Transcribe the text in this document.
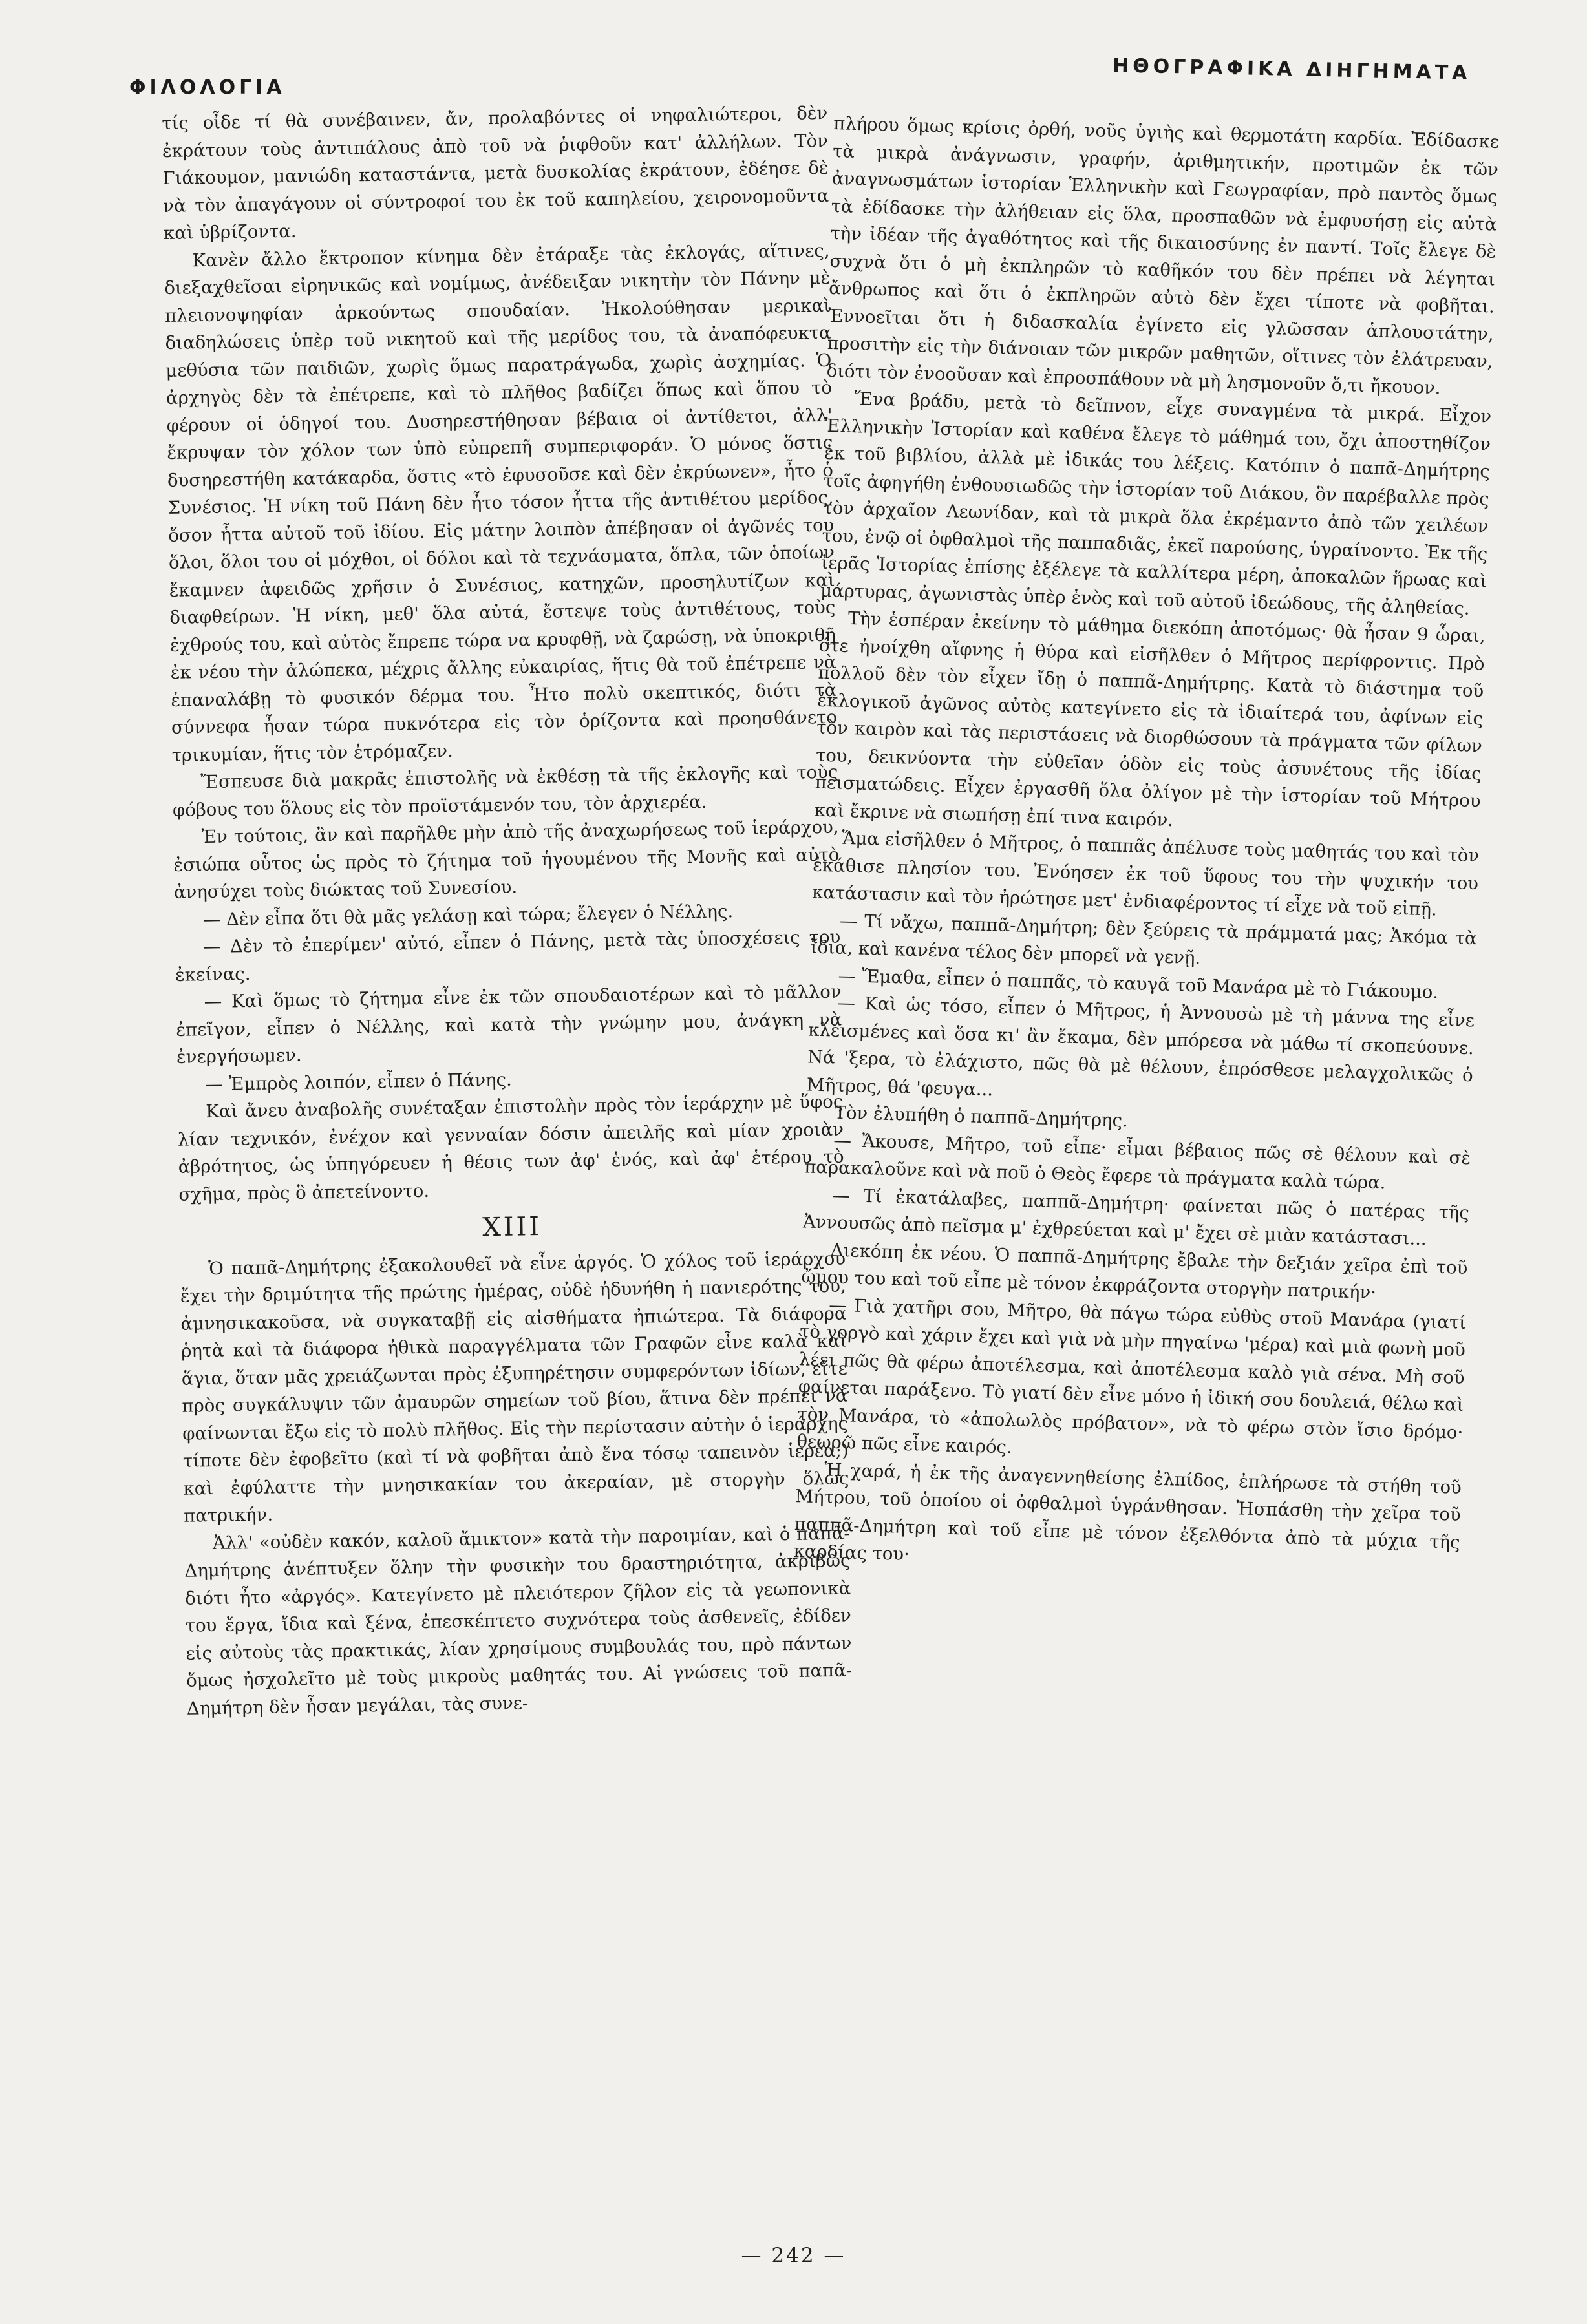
ΦΙΛΟΛΟΓΙΑ
ΗΘΟΓΡΑΦΙΚΑ ΔΙΗΓΗΜΑΤΑ

τίς οἶδε τί θὰ συνέβαινεν, ἄν, προλαβόντες οἱ νηφαλιώτεροι, δὲν ἐκράτουν τοὺς ἀντιπάλους ἀπὸ τοῦ νὰ ῥιφθοῦν κατ' ἀλλήλων. Τὸν Γιάκουμον, μανιώδη καταστάντα, μετὰ δυσκολίας ἐκράτουν, ἐδέησε δὲ νὰ τὸν ἀπαγάγουν οἱ σύντροφοί του ἐκ τοῦ καπηλείου, χειρονομοῦντα καὶ ὑβρίζοντα.

Κανὲν ἄλλο ἔκτροπον κίνημα δὲν ἐτάραξε τὰς ἐκλογάς, αἵτινες, διεξαχθεῖσαι εἰρηνικῶς καὶ νομίμως, ἀνέδειξαν νικητὴν τὸν Πάνην μὲ πλειονοψηφίαν ἀρκούντως σπουδαίαν. Ἠκολούθησαν μερικαὶ διαδηλώσεις ὑπὲρ τοῦ νικητοῦ καὶ τῆς μερίδος του, τὰ ἀναπόφευκτα μεθύσια τῶν παιδιῶν, χωρὶς ὅμως παρατράγωδα, χωρὶς ἀσχημίας. Ὁ ἀρχηγὸς δὲν τὰ ἐπέτρεπε, καὶ τὸ πλῆθος βαδίζει ὅπως καὶ ὅπου τὸ φέρουν οἱ ὁδηγοί του. Δυσηρεστήθησαν βέβαια οἱ ἀντίθετοι, ἀλλ' ἔκρυψαν τὸν χόλον των ὑπὸ εὐπρεπῆ συμπεριφοράν. Ὁ μόνος ὅστις δυσηρεστήθη κατάκαρδα, ὅστις «τὸ ἐφυσοῦσε καὶ δὲν ἐκρύωνεν», ἦτο ὁ Συνέσιος. Ἡ νίκη τοῦ Πάνη δὲν ἦτο τόσον ἧττα τῆς ἀντιθέτου μερίδος, ὅσον ἧττα αὐτοῦ τοῦ ἰδίου. Εἰς μάτην λοιπὸν ἀπέβησαν οἱ ἀγῶνές του ὅλοι, ὅλοι του οἱ μόχθοι, οἱ δόλοι καὶ τὰ τεχνάσματα, ὅπλα, τῶν ὁποίων ἔκαμνεν ἀφειδῶς χρῆσιν ὁ Συνέσιος, κατηχῶν, προσηλυτίζων καὶ διαφθείρων. Ἡ νίκη, μεθ' ὅλα αὐτά, ἔστεψε τοὺς ἀντιθέτους, τοὺς ἐχθρούς του, καὶ αὐτὸς ἔπρεπε τώρα να κρυφθῇ, νὰ ζαρώσῃ, νὰ ὑποκριθῇ ἐκ νέου τὴν ἀλώπεκα, μέχρις ἄλλης εὐκαιρίας, ἥτις θὰ τοῦ ἐπέτρεπε νὰ ἐπαναλάβῃ τὸ φυσικόν δέρμα του. Ἦτο πολὺ σκεπτικός, διότι τὰ σύννεφα ἦσαν τώρα πυκνότερα εἰς τὸν ὁρίζοντα καὶ προησθάνετο τρικυμίαν, ἥτις τὸν ἐτρόμαζεν.

Ἔσπευσε διὰ μακρᾶς ἐπιστολῆς νὰ ἐκθέσῃ τὰ τῆς ἐκλογῆς καὶ τοὺς φόβους του ὅλους εἰς τὸν προϊστάμενόν του, τὸν ἀρχιερέα.

Ἐν τούτοις, ἂν καὶ παρῆλθε μὴν ἀπὸ τῆς ἀναχωρήσεως τοῦ ἱεράρχου, ἐσιώπα οὗτος ὡς πρὸς τὸ ζήτημα τοῦ ἡγουμένου τῆς Μονῆς καὶ αὐτὸ ἀνησύχει τοὺς διώκτας τοῦ Συνεσίου.

— Δὲν εἶπα ὅτι θὰ μᾶς γελάσῃ καὶ τώρα; ἔλεγεν ὁ Νέλλης.

— Δὲν τὸ ἐπερίμεν' αὐτό, εἶπεν ὁ Πάνης, μετὰ τὰς ὑποσχέσεις του ἐκείνας.

— Καὶ ὅμως τὸ ζήτημα εἶνε ἐκ τῶν σπουδαιοτέρων καὶ τὸ μᾶλλον ἐπεῖγον, εἶπεν ὁ Νέλλης, καὶ κατὰ τὴν γνώμην μου, ἀνάγκη νὰ ἐνεργήσωμεν.

— Ἐμπρὸς λοιπόν, εἶπεν ὁ Πάνης.

Καὶ ἄνευ ἀναβολῆς συνέταξαν ἐπιστολὴν πρὸς τὸν ἱεράρχην μὲ ὕφος λίαν τεχνικόν, ἐνέχον καὶ γενναίαν δόσιν ἀπειλῆς καὶ μίαν χροιὰν ἀβρότητος, ὡς ὑπηγόρευεν ἡ θέσις των ἀφ' ἑνός, καὶ ἀφ' ἑτέρου τὸ σχῆμα, πρὸς ὃ ἀπετείνοντο.

XIII

Ὁ παπᾶ-Δημήτρης ἐξακολουθεῖ νὰ εἶνε ἀργός. Ὁ χόλος τοῦ ἱεράρχου ἔχει τὴν δριμύτητα τῆς πρώτης ἡμέρας, οὐδὲ ἠδυνήθη ἡ πανιερότης του, ἀμνησικακοῦσα, νὰ συγκαταβῇ εἰς αἰσθήματα ἠπιώτερα. Τὰ διάφορα ῥητὰ καὶ τὰ διάφορα ἠθικὰ παραγγέλματα τῶν Γραφῶν εἶνε καλὰ καὶ ἅγια, ὅταν μᾶς χρειάζωνται πρὸς ἐξυπηρέτησιν συμφερόντων ἰδίων, εἴτε πρὸς συγκάλυψιν τῶν ἀμαυρῶν σημείων τοῦ βίου, ἅτινα δὲν πρέπει νὰ φαίνωνται ἔξω εἰς τὸ πολὺ πλῆθος. Εἰς τὴν περίστασιν αὐτὴν ὁ ἱεράρχης τίποτε δὲν ἐφοβεῖτο (καὶ τί νὰ φοβῆται ἀπὸ ἕνα τόσῳ ταπεινὸν ἱερέα;) καὶ ἐφύλαττε τὴν μνησικακίαν του ἀκεραίαν, μὲ στοργὴν ὅλως πατρικήν.

Ἀλλ' «οὐδὲν κακόν, καλοῦ ἄμικτον» κατὰ τὴν παροιμίαν, καὶ ὁ παπᾶ-Δημήτρης ἀνέπτυξεν ὅλην τὴν φυσικὴν του δραστηριότητα, ἀκριβῶς διότι ἦτο «ἀργός». Κατεγίνετο μὲ πλειότερον ζῆλον εἰς τὰ γεωπονικὰ του ἔργα, ἴδια καὶ ξένα, ἐπεσκέπτετο συχνότερα τοὺς ἀσθενεῖς, ἐδίδεν εἰς αὐτοὺς τὰς πρακτικάς, λίαν χρησίμους συμβουλάς του, πρὸ πάντων ὅμως ἠσχολεῖτο μὲ τοὺς μικροὺς μαθητάς του. Αἱ γνώσεις τοῦ παπᾶ-Δημήτρη δὲν ἦσαν μεγάλαι, τὰς συνε-

πλήρου ὅμως κρίσις ὀρθή, νοῦς ὑγιὴς καὶ θερμοτάτη καρδία. Ἐδίδασκε τὰ μικρὰ ἀνάγνωσιν, γραφήν, ἀριθμητικήν, προτιμῶν ἐκ τῶν ἀναγνωσμάτων ἱστορίαν Ἑλληνικὴν καὶ Γεωγραφίαν, πρὸ παντὸς ὅμως τὰ ἐδίδασκε τὴν ἀλήθειαν εἰς ὅλα, προσπαθῶν νὰ ἐμφυσήσῃ εἰς αὐτὰ τὴν ἰδέαν τῆς ἀγαθότητος καὶ τῆς δικαιοσύνης ἐν παντί. Τοῖς ἔλεγε δὲ συχνὰ ὅτι ὁ μὴ ἐκπληρῶν τὸ καθῆκόν του δὲν πρέπει νὰ λέγηται ἄνθρωπος καὶ ὅτι ὁ ἐκπληρῶν αὐτὸ δὲν ἔχει τίποτε νὰ φοβῆται. Ἐννοεῖται ὅτι ἡ διδασκαλία ἐγίνετο εἰς γλῶσσαν ἁπλουστάτην, προσιτὴν εἰς τὴν διάνοιαν τῶν μικρῶν μαθητῶν, οἵτινες τὸν ἐλάτρευαν, διότι τὸν ἐνοοῦσαν καὶ ἐπροσπάθουν νὰ μὴ λησμονοῦν ὅ,τι ἤκουον.

Ἕνα βράδυ, μετὰ τὸ δεῖπνον, εἶχε συναγμένα τὰ μικρά. Εἶχον Ἑλληνικὴν Ἱστορίαν καὶ καθένα ἔλεγε τὸ μάθημά του, ὄχι ἀποστηθίζον ἐκ τοῦ βιβλίου, ἀλλὰ μὲ ἰδικάς του λέξεις. Κατόπιν ὁ παπᾶ-Δημήτρης τοῖς ἀφηγήθη ἐνθουσιωδῶς τὴν ἱστορίαν τοῦ Διάκου, ὃν παρέβαλλε πρὸς τὸν ἀρχαῖον Λεωνίδαν, καὶ τὰ μικρὰ ὅλα ἐκρέμαντο ἀπὸ τῶν χειλέων του, ἐνῷ οἱ ὀφθαλμοὶ τῆς παππαδιᾶς, ἐκεῖ παρούσης, ὑγραίνοντο. Ἐκ τῆς ἱερᾶς Ἱστορίας ἐπίσης ἐξέλεγε τὰ καλλίτερα μέρη, ἀποκαλῶν ἥρωας καὶ μάρτυρας, ἀγωνιστὰς ὑπὲρ ἑνὸς καὶ τοῦ αὐτοῦ ἰδεώδους, τῆς ἀληθείας.

Τὴν ἑσπέραν ἐκείνην τὸ μάθημα διεκόπη ἀποτόμως· θὰ ἦσαν 9 ὧραι, ὅτε ἠνοίχθη αἴφνης ἡ θύρα καὶ εἰσῆλθεν ὁ Μῆτρος περίφροντις. Πρὸ πολλοῦ δὲν τὸν εἶχεν ἴδῃ ὁ παππᾶ-Δημήτρης. Κατὰ τὸ διάστημα τοῦ ἐκλογικοῦ ἀγῶνος αὐτὸς κατεγίνετο εἰς τὰ ἰδιαίτερά του, ἀφίνων εἰς τὸν καιρὸν καὶ τὰς περιστάσεις νὰ διορθώσουν τὰ πράγματα τῶν φίλων του, δεικνύοντα τὴν εὐθεῖαν ὁδὸν εἰς τοὺς ἀσυνέτους τῆς ἰδίας πεισματώδεις. Εἶχεν ἐργασθῆ ὅλα ὀλίγον μὲ τὴν ἱστορίαν τοῦ Μήτρου καὶ ἔκρινε νὰ σιωπήσῃ ἐπί τινα καιρόν.

Ἅμα εἰσῆλθεν ὁ Μῆτρος, ὁ παππᾶς ἀπέλυσε τοὺς μαθητάς του καὶ τὸν ἐκάθισε πλησίον του. Ἐνόησεν ἐκ τοῦ ὕφους του τὴν ψυχικήν του κατάστασιν καὶ τὸν ἠρώτησε μετ' ἐνδιαφέροντος τί εἶχε νὰ τοῦ εἰπῇ.

— Τί νἄχω, παππᾶ-Δημήτρη; δὲν ξεύρεις τὰ πράμματά μας; Ἀκόμα τὰ ἴδια, καὶ κανένα τέλος δὲν μπορεῖ νὰ γενῇ.

— Ἔμαθα, εἶπεν ὁ παππᾶς, τὸ καυγᾶ τοῦ Μανάρα μὲ τὸ Γιάκουμο.

— Καὶ ὡς τόσο, εἶπεν ὁ Μῆτρος, ἡ Ἀννουσὼ μὲ τὴ μάννα της εἶνε κλεισμένες καὶ ὅσα κι' ἂν ἔκαμα, δὲν μπόρεσα νὰ μάθω τί σκοπεύουνε. Νά 'ξερα, τὸ ἐλάχιστο, πῶς θὰ μὲ θέλουν, ἐπρόσθεσε μελαγχολικῶς ὁ Μῆτρος, θά 'φευγα...

Τὸν ἐλυπήθη ὁ παππᾶ-Δημήτρης.

— Ἄκουσε, Μῆτρο, τοῦ εἶπε· εἶμαι βέβαιος πῶς σὲ θέλουν καὶ σὲ παρακαλοῦνε καὶ νὰ ποῦ ὁ Θεὸς ἔφερε τὰ πράγματα καλὰ τώρα.

— Τί ἐκατάλαβες, παππᾶ-Δημήτρη· φαίνεται πῶς ὁ πατέρας τῆς Ἀννουσῶς ἀπὸ πεῖσμα μ' ἐχθρεύεται καὶ μ' ἔχει σὲ μιὰν κατάστασι...

Διεκόπη ἐκ νέου. Ὁ παππᾶ-Δημήτρης ἔβαλε τὴν δεξιάν χεῖρα ἐπὶ τοῦ ὤμου του καὶ τοῦ εἶπε μὲ τόνον ἐκφράζοντα στοργὴν πατρικήν·

— Γιὰ χατῆρι σου, Μῆτρο, θὰ πάγω τώρα εὐθὺς στοῦ Μανάρα (γιατί τὸ γοργὸ καὶ χάριν ἔχει καὶ γιὰ νὰ μὴν πηγαίνω 'μέρα) καὶ μιὰ φωνὴ μοῦ λέει πῶς θὰ φέρω ἀποτέλεσμα, καὶ ἀποτέλεσμα καλὸ γιὰ σένα. Μὴ σοῦ φαίνεται παράξενο. Τὸ γιατί δὲν εἶνε μόνο ἡ ἰδική σου δουλειά, θέλω καὶ τὸν Μανάρα, τὸ «ἀπολωλὸς πρόβατον», νὰ τὸ φέρω στὸν ἴσιο δρόμο· θεωρῶ πῶς εἶνε καιρός.

Ἡ χαρά, ἡ ἐκ τῆς ἀναγεννηθείσης ἐλπίδος, ἐπλήρωσε τὰ στήθη τοῦ Μήτρου, τοῦ ὁποίου οἱ ὀφθαλμοὶ ὑγράνθησαν. Ἠσπάσθη τὴν χεῖρα τοῦ παππᾶ-Δημήτρη καὶ τοῦ εἶπε μὲ τόνον ἐξελθόντα ἀπὸ τὰ μύχια τῆς καρδίας του·

— 242 —
